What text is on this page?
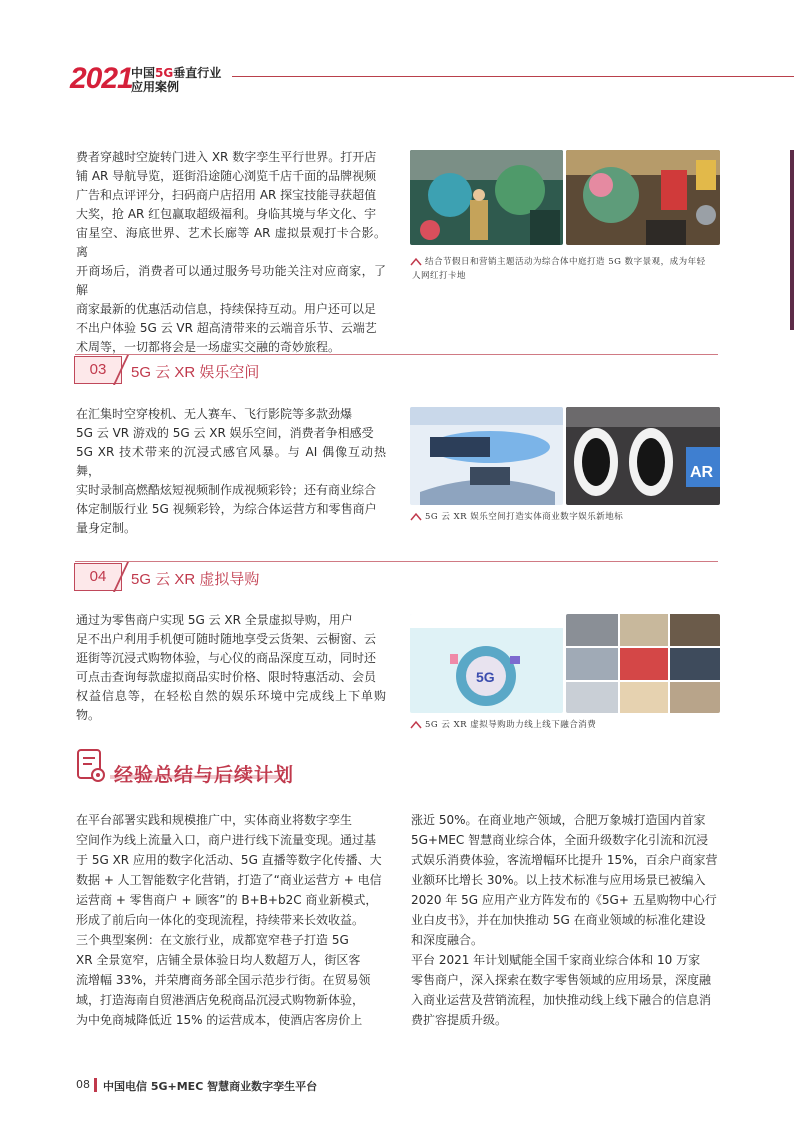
2021
中国5G垂直行业
应用案例
费者穿越时空旋转门进入 XR 数字孪生平行世界。打开店
铺 AR 导航导览，逛街沿途随心浏览千店千面的品牌视频
广告和点评评分，扫码商户店招用 AR 探宝技能寻获超值
大奖，抢 AR 红包赢取超级福利。身临其境与华文化、宇
宙星空、海底世界、艺术长廊等 AR 虚拟景观打卡合影。离
开商场后，消费者可以通过服务号功能关注对应商家，了解
商家最新的优惠活动信息，持续保持互动。用户还可以足
不出户体验 5G 云 VR 超高清带来的云端音乐节、云端艺
术周等，一切都将会是一场虚实交融的奇妙旅程。
结合节假日和营销主题活动为综合体中庭打造 5G 数字景观，成为年轻
人网红打卡地
03	5G 云 XR 娱乐空间
在汇集时空穿梭机、无人赛车、飞行影院等多款劲爆
5G 云 VR 游戏的 5G 云 XR 娱乐空间，消费者争相感受
5G XR 技术带来的沉浸式感官风暴。与 AI 偶像互动热舞，
实时录制高燃酷炫短视频制作成视频彩铃；还有商业综合
体定制版行业 5G 视频彩铃，为综合体运营方和零售商户
量身定制。
AR
5G 云 XR 娱乐空间打造实体商业数字娱乐新地标
04	5G 云 XR 虚拟导购
通过为零售商户实现 5G 云 XR 全景虚拟导购，用户
足不出户利用手机便可随时随地享受云货架、云橱窗、云
逛街等沉浸式购物体验，与心仪的商品深度互动，同时还
可点击查询每款虚拟商品实时价格、限时特惠活动、会员
权益信息等，在轻松自然的娱乐环境中完成线上下单购物。
5G
5G 云 XR 虚拟导购助力线上线下融合消费
经验总结与后续计划
在平台部署实践和规模推广中，实体商业将数字孪生
空间作为线上流量入口，商户进行线下流量变现。通过基
于 5G XR 应用的数字化活动、5G 直播等数字化传播、大
数据 + 人工智能数字化营销，打造了“商业运营方 + 电信
运营商 + 零售商户 + 顾客”的 B+B+b2C 商业新模式，
形成了前后向一体化的变现流程，持续带来长效收益。
三个典型案例：在文旅行业，成都宽窄巷子打造 5G
XR 全景宽窄，店铺全景体验日均人数超万人，街区客
流增幅 33%，并荣膺商务部全国示范步行街。在贸易领
域，打造海南自贸港酒店免税商品沉浸式购物新体验，
为中免商城降低近 15% 的运营成本，使酒店客房价上
涨近 50%。在商业地产领域，合肥万象城打造国内首家
5G+MEC 智慧商业综合体，全面升级数字化引流和沉浸
式娱乐消费体验，客流增幅环比提升 15%，百余户商家营
业额环比增长 30%。以上技术标准与应用场景已被编入
2020 年 5G 应用产业方阵发布的《5G+ 五星购物中心行
业白皮书》，并在加快推动 5G 在商业领域的标准化建设
和深度融合。
平台 2021 年计划赋能全国千家商业综合体和 10 万家
零售商户，深入探索在数字零售领域的应用场景，深度融
入商业运营及营销流程，加快推动线上线下融合的信息消
费扩容提质升级。
08 中国电信 5G+MEC 智慧商业数字孪生平台
